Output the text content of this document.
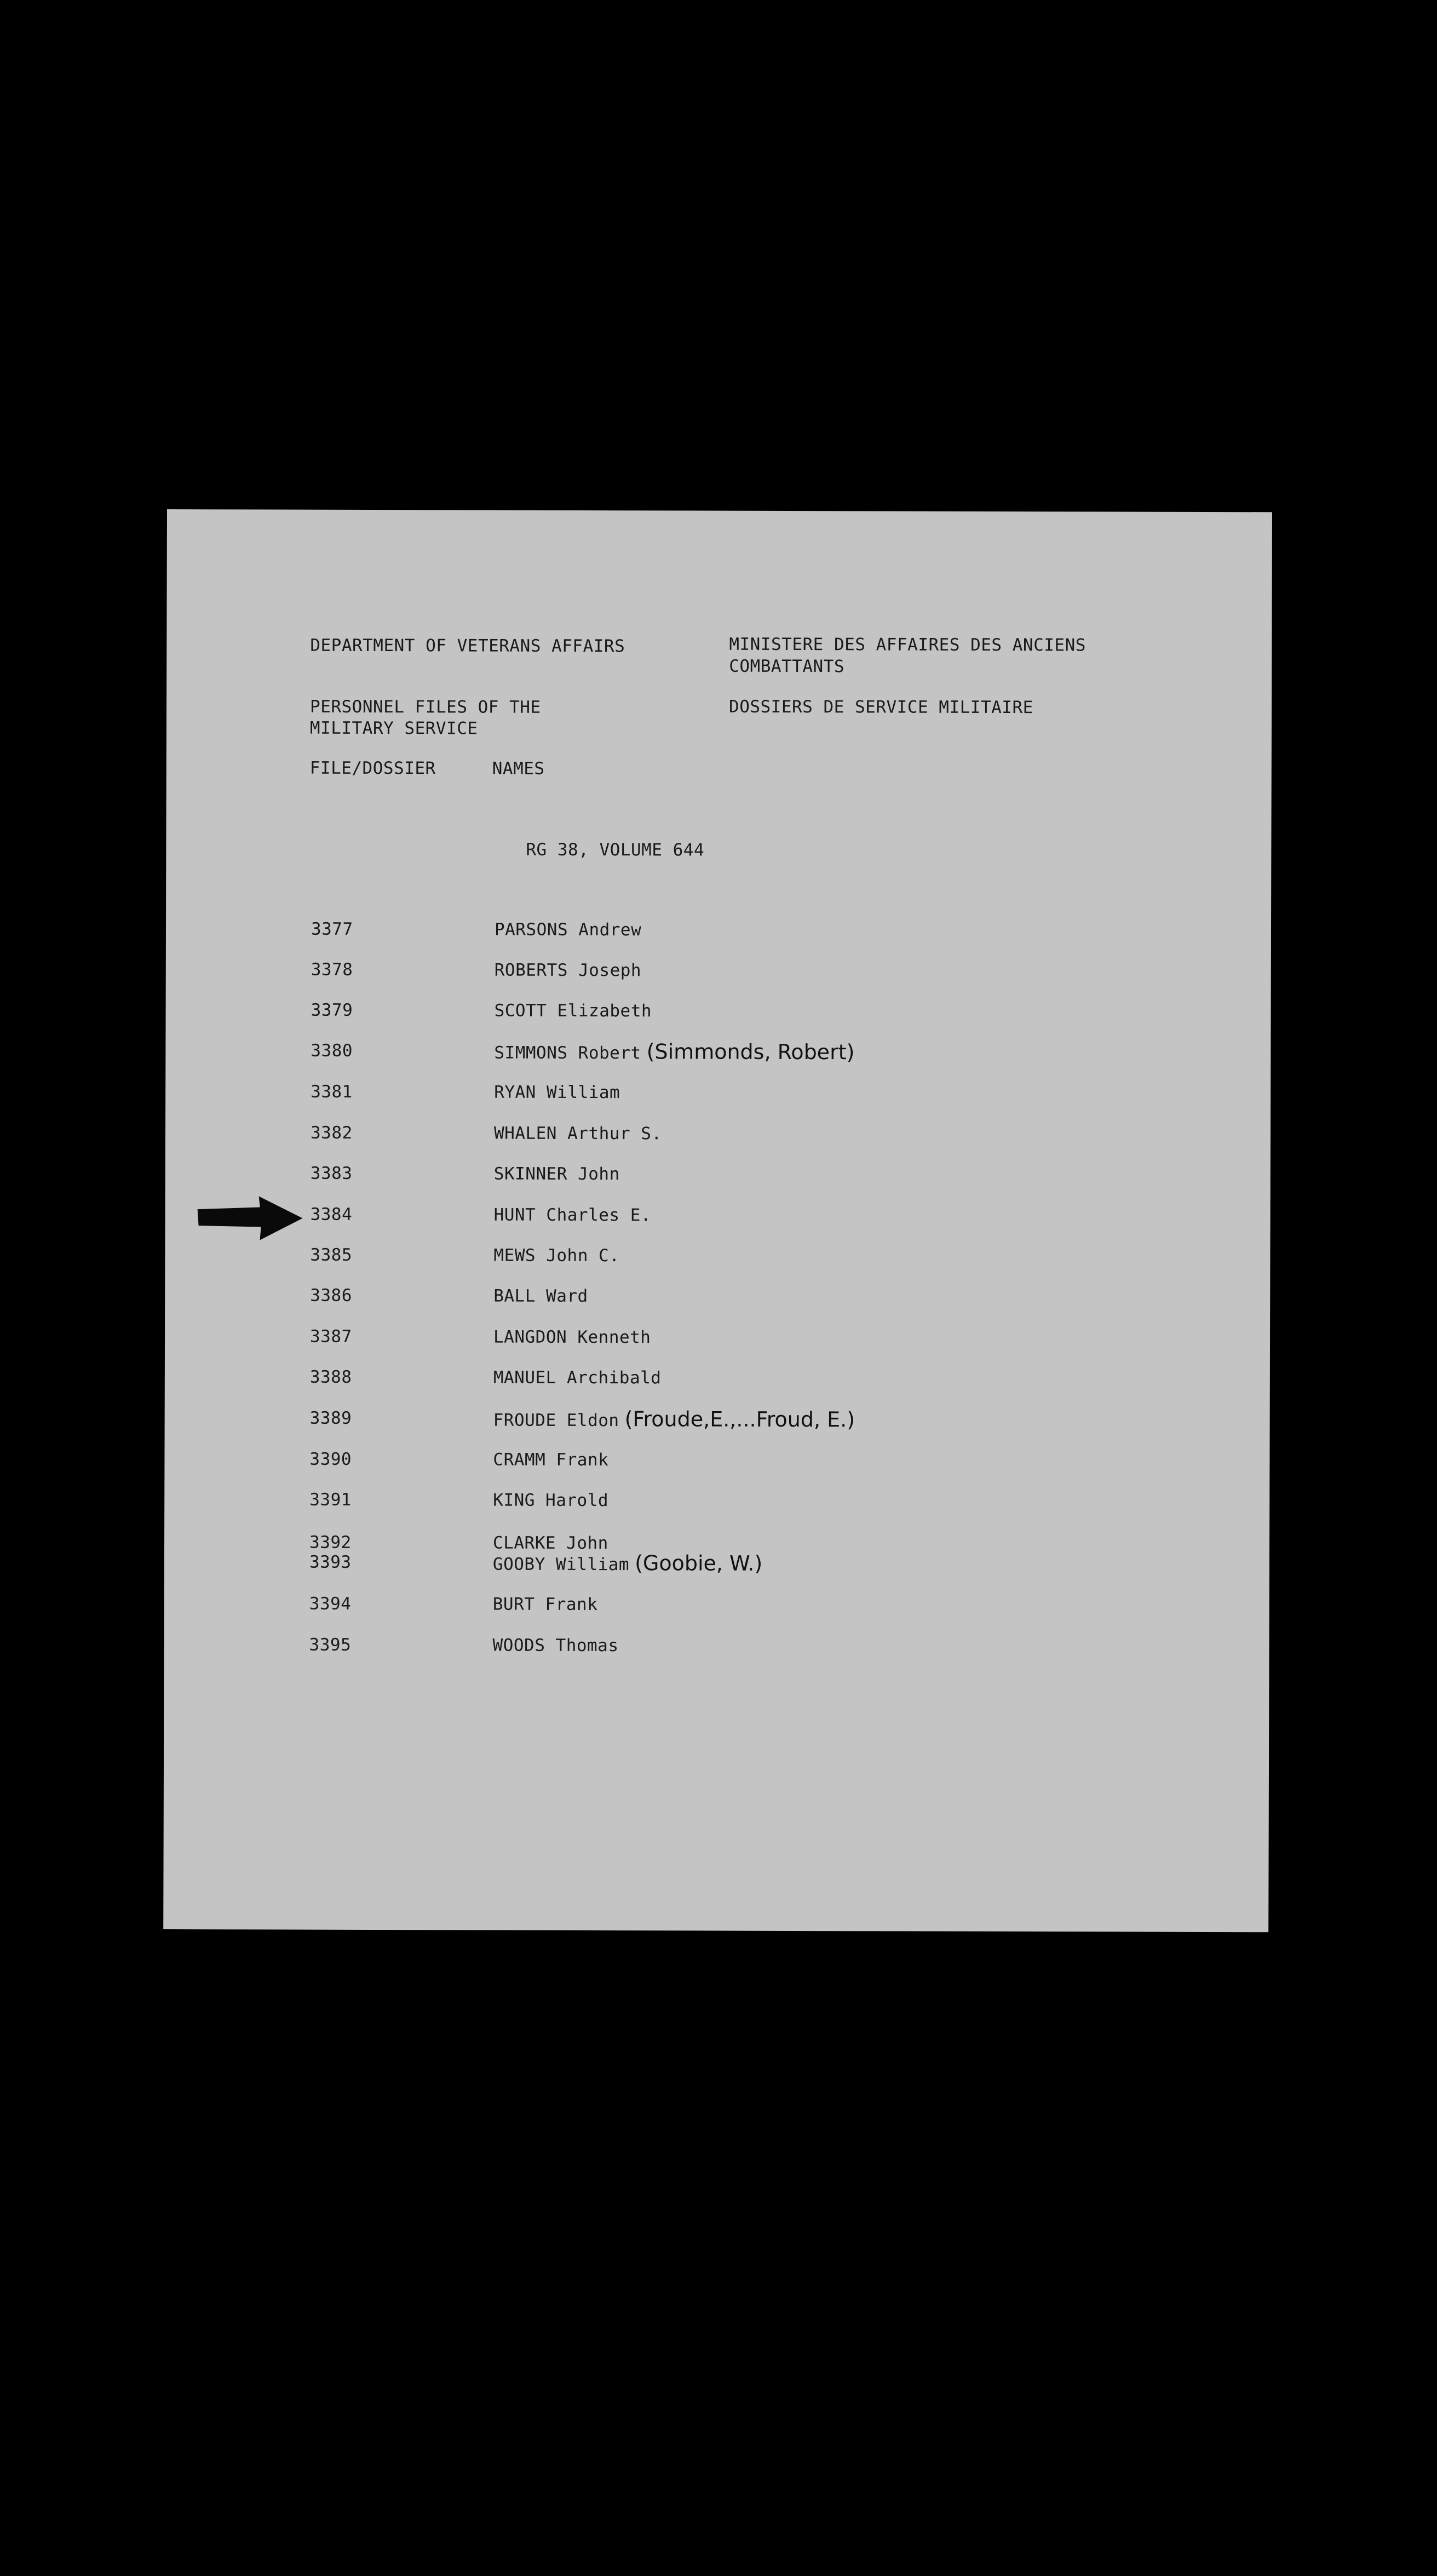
DEPARTMENT OF VETERANS AFFAIRS	MINISTERE DES AFFAIRES DES ANCIENS
COMBATTANTS
PERSONNEL FILES OF THE
MILITARY SERVICE
DOSSIERS DE SERVICE MILITAIRE
FILE/DOSSIER	NAMES
RG 38, VOLUME 644
3377	PARSONS Andrew
3378	ROBERTS Joseph
3379	SCOTT Elizabeth
3380	SIMMONS Robert (Simmonds, Robert)
3381	RYAN William
3382	WHALEN Arthur S.
3383	SKINNER John
3384	HUNT Charles E.
3385	MEWS John C.
3386	BALL Ward
3387	LANGDON Kenneth
3388	MANUEL Archibald
3389	FROUDE Eldon (Froude,E.,...Froud, E.)
3390	CRAMM Frank
3391	KING Harold
3392	CLARKE John
3393	GOOBY William (Goobie, W.)
3394	BURT Frank
3395	WOODS Thomas
